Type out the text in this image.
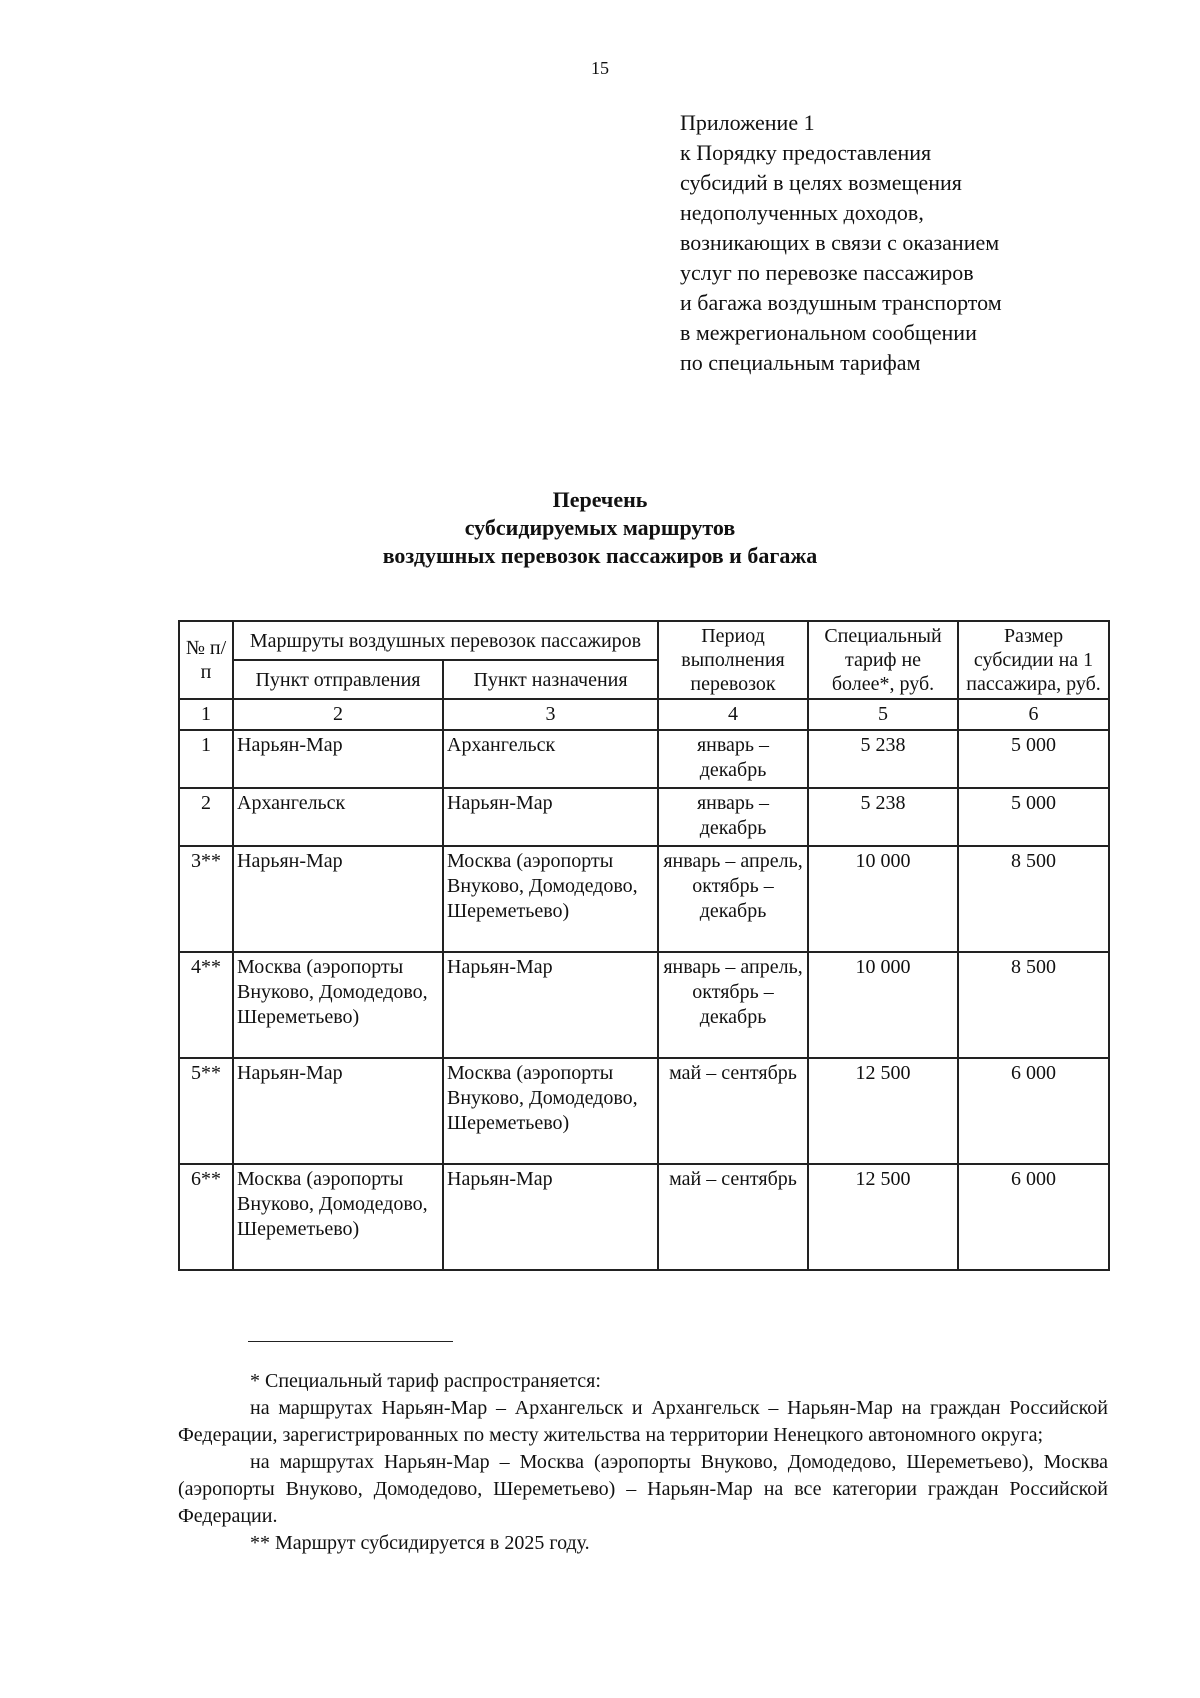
15
Приложение 1
к Порядку предоставления
субсидий в целях возмещения
недополученных доходов,
возникающих в связи с оказанием
услуг по перевозке пассажиров
и багажа воздушным транспортом
в межрегиональном сообщении
по специальным тарифам
Перечень
субсидируемых маршрутов
воздушных перевозок пассажиров и багажа
№ п/п	Маршруты воздушных перевозок пассажиров		Период выполнения перевозок	Специальный тариф не более*, руб.	Размер субсидии на 1 пассажира, руб.
	Пункт отправления	Пункт назначения			
1	2	3	4	5	6
1	Нарьян-Мар	Архангельск	январь – декабрь	5 238	5 000
2	Архангельск	Нарьян-Мар	январь – декабрь	5 238	5 000
3**	Нарьян-Мар	Москва (аэропорты Внуково, Домодедово, Шереметьево)	январь – апрель, октябрь – декабрь	10 000	8 500
4**	Москва (аэропорты Внуково, Домодедово, Шереметьево)	Нарьян-Мар	январь – апрель, октябрь – декабрь	10 000	8 500
5**	Нарьян-Мар	Москва (аэропорты Внуково, Домодедово, Шереметьево)	май – сентябрь	12 500	6 000
6**	Москва (аэропорты Внуково, Домодедово, Шереметьево)	Нарьян-Мар	май – сентябрь	12 500	6 000

* Специальный тариф распространяется:

на маршрутах Нарьян-Мар – Архангельск и Архангельск – Нарьян-Мар на граждан Российской Федерации, зарегистрированных по месту жительства на территории Ненецкого автономного округа;

на маршрутах Нарьян-Мар – Москва (аэропорты Внуково, Домодедово, Шереметьево), Москва (аэропорты Внуково, Домодедово, Шереметьево) – Нарьян-Мар на все категории граждан Российской Федерации.

** Маршрут субсидируется в 2025 году.
